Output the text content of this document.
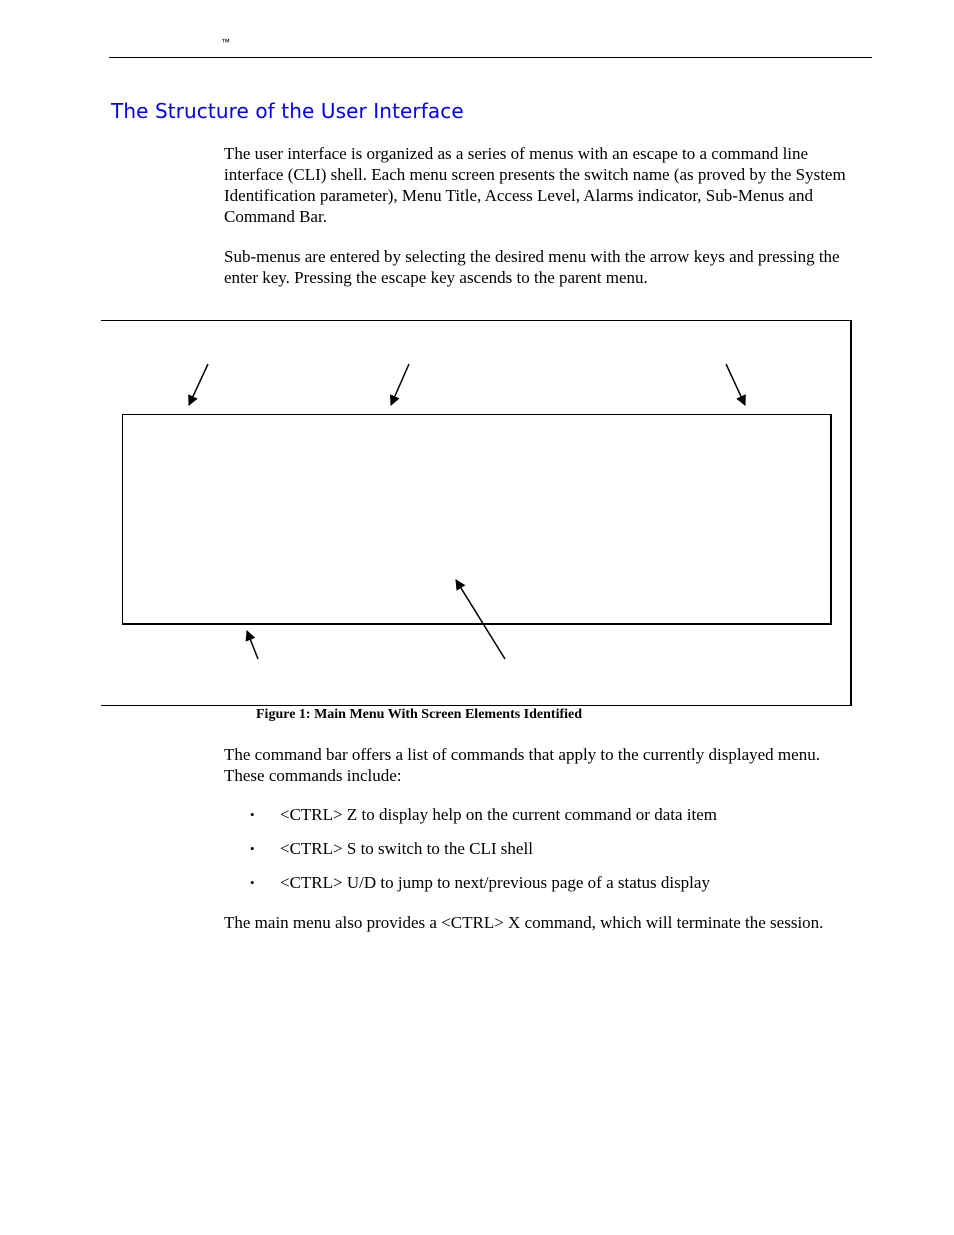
™
The Structure of the User Interface

The user interface is organized as a series of menus with an escape to a command line interface (CLI) shell. Each menu screen presents the switch name (as proved by the System Identification parameter), Menu Title, Access Level, Alarms indicator, Sub-Menus and Command Bar.

Sub-menus are entered by selecting the desired menu with the arrow keys and pressing the enter key. Pressing the escape key ascends to the parent menu.

Figure 1: Main Menu With Screen Elements Identified

The command bar offers a list of commands that apply to the currently displayed menu. These commands include:

• <CTRL> Z to display help on the current command or data item
• <CTRL> S to switch to the CLI shell
• <CTRL> U/D to jump to next/previous page of a status display

The main menu also provides a <CTRL> X command, which will terminate the session.
